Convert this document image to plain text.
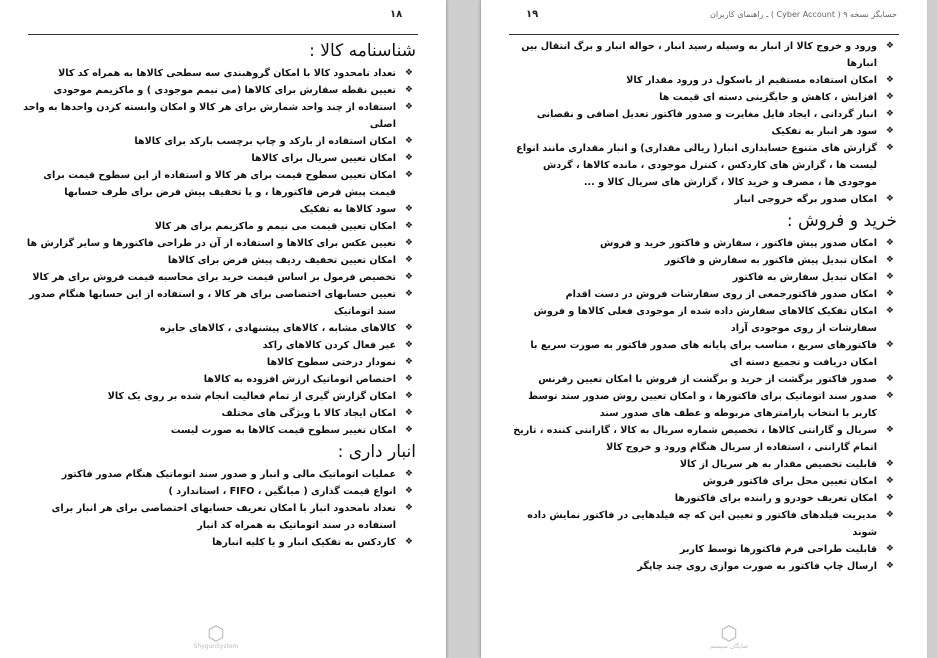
۱۸
شناسنامه کالا :
❖
تعداد نامحدود کالا با امکان گروهبندی سه سطحی کالاها به همراه کد کالا
❖
تعیین نقطه سفارش برای کالاها (می نیمم موجودی ) و ماکزیمم موجودی
❖
استفاده از چند واحد شمارش برای هر کالا و امکان وابسته کردن واحدها به واحد اصلی
❖
امکان استفاده از بارکد و چاپ برچسب بارکد برای کالاها
❖
امکان تعیین سریال برای کالاها
❖
امکان تعیین سطوح قیمت برای هر کالا و استفاده از این سطوح قیمت برای قیمت پیش فرض فاکتورها ، و یا تخفیف پیش فرض برای طرف حسابها
❖
سود کالاها به تفکیک
❖
امکان تعیین قیمت می نیمم و ماکزیمم برای هر کالا
❖
تعیین عکس برای کالاها و استفاده از آن در طراحی فاکتورها و سایر گزارش ها
❖
امکان تعیین تخفیف ردیف پیش فرض برای کالاها
❖
تخصیص فرمول بر اساس قیمت خرید برای محاسبه قیمت فروش برای هر کالا
❖
تعیین حسابهای اختصاصی برای هر کالا ، و استفاده از این حسابها هنگام صدور سند اتوماتیک
❖
کالاهای مشابه ، کالاهای پیشنهادی ، کالاهای جایزه
❖
غیر فعال کردن کالاهای راکد
❖
نمودار درختی سطوح کالاها
❖
اختصاص اتوماتیک ارزش افزوده به کالاها
❖
امکان گزارش گیری از تمام فعالیت انجام شده بر روی یک کالا
❖
امکان ایجاد کالا با ویژگی های مختلف
❖
امکان تغییر سطوح قیمت کالاها به صورت لیست
انبار داری :
❖
عملیات اتوماتیک مالی و انبار و صدور سند اتوماتیک هنگام صدور فاکتور
❖
انواع قیمت گذاری ( میانگین ، FIFO ، استاندارد )
❖
تعداد نامحدود انبار با امکان تعریف حسابهای اختصاصی برای هر انبار برای استفاده در سند اتوماتیک به همراه کد انبار
❖
کاردکس به تفکیک انبار و یا کلیه انبارها
⬡
ShygunSystem
۱۹	حسابگر نسخه ۹ ( Cyber Account ) ـ راهنمای کاربران
❖
ورود و خروج کالا از انبار به وسیله رسید انبار ، حواله انبار و برگ انتقال بین انبارها
❖
امکان استفاده مستقیم از باسکول در ورود مقدار کالا
❖
افزایش ، کاهش و جایگزینی دسته ای قیمت ها
❖
انبار گردانی ، ایجاد فایل مغایرت و صدور فاکتور تعدیل اضافی و نقصانی
❖
سود هر انبار به تفکیک
❖
گزارش های متنوع حسابداری انبار( ریالی مقداری) و انبار مقداری مانند انواع لیست ها ، گزارش های کاردکس ، کنترل موجودی ، مانده کالاها ، گردش موجودی ها ، مصرف و خرید کالا ، گزارش های سریال کالا و ...
❖
امکان صدور برگه خروجی انبار
خرید و فروش :
❖
امکان صدور پیش فاکتور ، سفارش و فاکتور خرید و فروش
❖
امکان تبدیل پیش فاکتور به سفارش و فاکتور
❖
امکان تبدیل سفارش به فاکتور
❖
امکان صدور فاکتورجمعی از روی سفارشات فروش در دست اقدام
❖
امکان تفکیک کالاهای سفارش داده شده از موجودی فعلی کالاها و فروش سفارشات از روی موجودی آزاد
❖
فاکتورهای سریع ، مناسب برای پایانه های صدور فاکتور به صورت سریع با امکان دریافت و تجمیع دسته ای
❖
صدور فاکتور برگشت از خرید و برگشت از فروش با امکان تعیین رفرنس
❖
صدور سند اتوماتیک برای فاکتورها ، و امکان تعیین روش صدور سند توسط کاربر با انتخاب پارامترهای مربوطه و عطف های صدور سند
❖
سریال و گارانتی کالاها ، تخصیص شماره سریال به کالا ، گارانتی کننده ، تاریخ اتمام گارانتی ، استفاده از سریال هنگام ورود و خروج کالا
❖
قابلیت تخصیص مقدار به هر سریال از کالا
❖
امکان تعیین محل برای فاکتور فروش
❖
امکان تعریف خودرو و راننده برای فاکتورها
❖
مدیریت فیلدهای فاکتور و تعیین این که چه فیلدهایی در فاکتور نمایش داده شوند
❖
قابلیت طراحی فرم فاکتورها توسط کاربر
❖
ارسال چاپ فاکتور به صورت موازی روی چند چاپگر
⬡
شایگان سیستم
